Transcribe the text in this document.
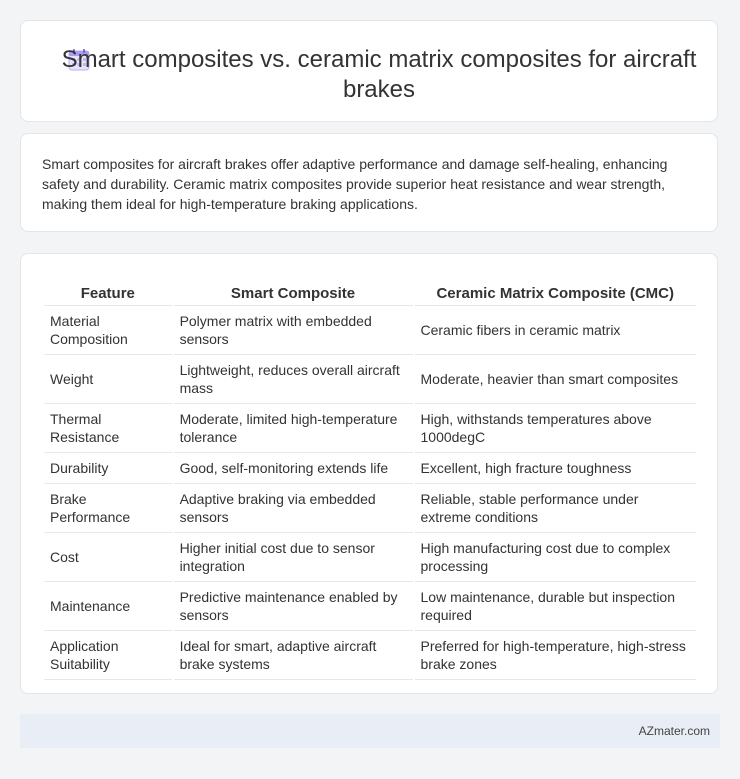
Smart composites vs. ceramic matrix composites for aircraft brakes

Smart composites for aircraft brakes offer adaptive performance and damage self-healing, enhancing safety and durability. Ceramic matrix composites provide superior heat resistance and wear strength, making them ideal for high-temperature braking applications.

Feature	Smart Composite	Ceramic Matrix Composite (CMC)
Material Composition	Polymer matrix with embedded sensors	Ceramic fibers in ceramic matrix
Weight	Lightweight, reduces overall aircraft mass	Moderate, heavier than smart composites
Thermal Resistance	Moderate, limited high-temperature tolerance	High, withstands temperatures above 1000degC
Durability	Good, self-monitoring extends life	Excellent, high fracture toughness
Brake Performance	Adaptive braking via embedded sensors	Reliable, stable performance under extreme conditions
Cost	Higher initial cost due to sensor integration	High manufacturing cost due to complex processing
Maintenance	Predictive maintenance enabled by sensors	Low maintenance, durable but inspection required
Application Suitability	Ideal for smart, adaptive aircraft brake systems	Preferred for high-temperature, high-stress brake zones
AZmater.com
